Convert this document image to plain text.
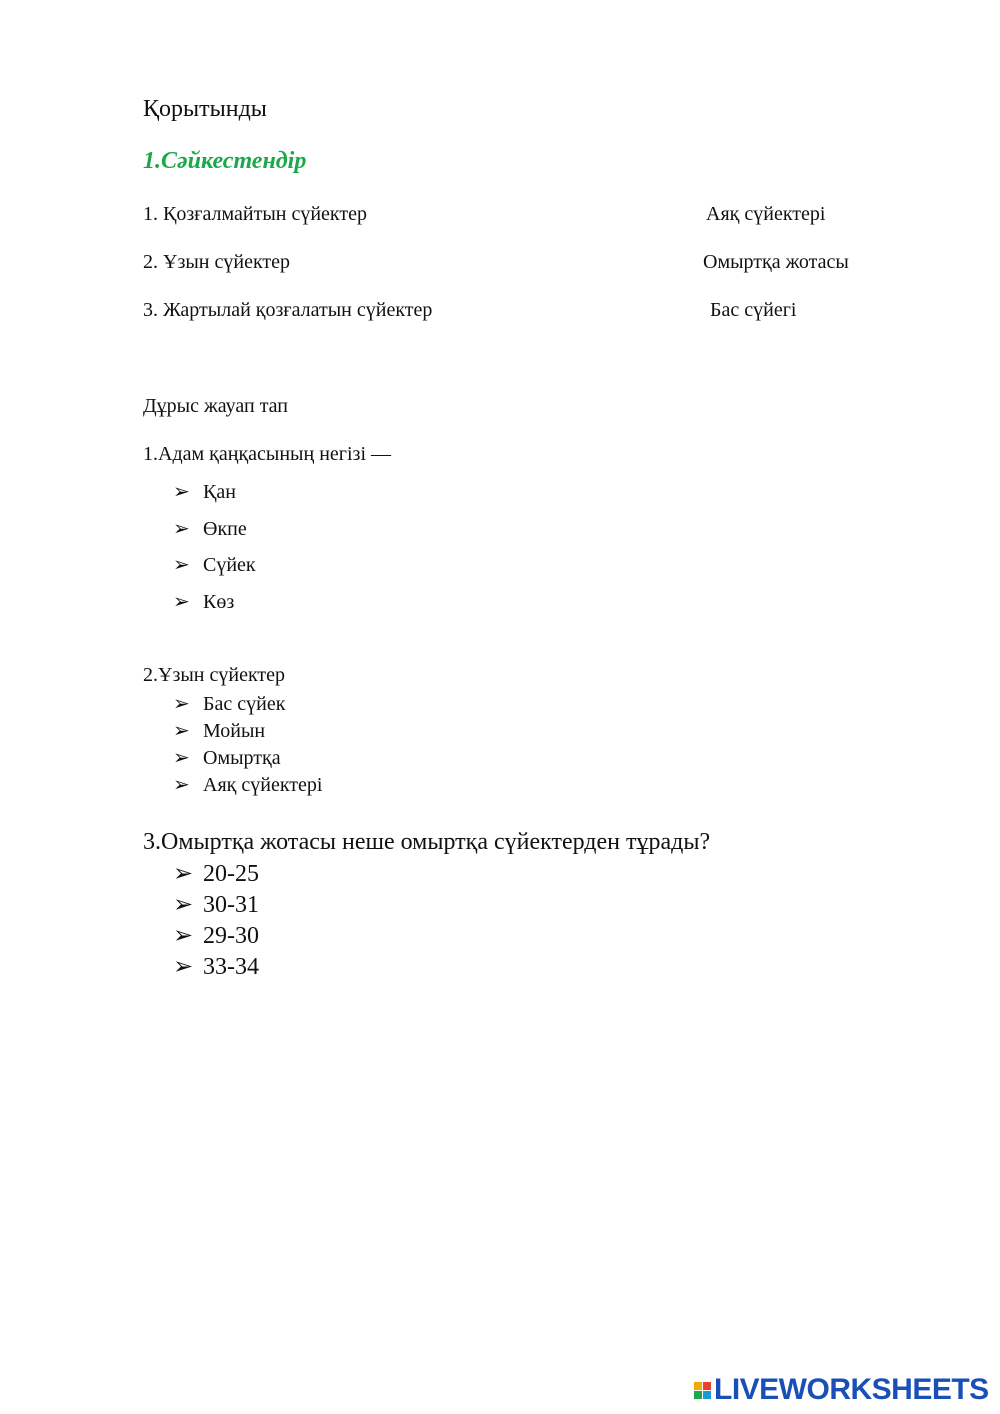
Қорытынды
1.Сәйкестендір
1. Қозғалмайтын сүйектер
2. Ұзын сүйектер
3. Жартылай қозғалатын сүйектер
Аяқ сүйектері
Омыртқа жотасы
Бас сүйегі
Дұрыс жауап тап
1.Адам қаңқасының негізі —
➢ Қан
➢ Өкпе
➢ Сүйек
➢ Көз
2.Ұзын сүйектер
➢ Бас сүйек
➢ Мойын
➢ Омыртқа
➢ Аяқ сүйектері
3.Омыртқа жотасы неше омыртқа сүйектерден тұрады?
➢ 20-25
➢ 30-31
➢ 29-30
➢ 33-34
LIVEWORKSHEETS
